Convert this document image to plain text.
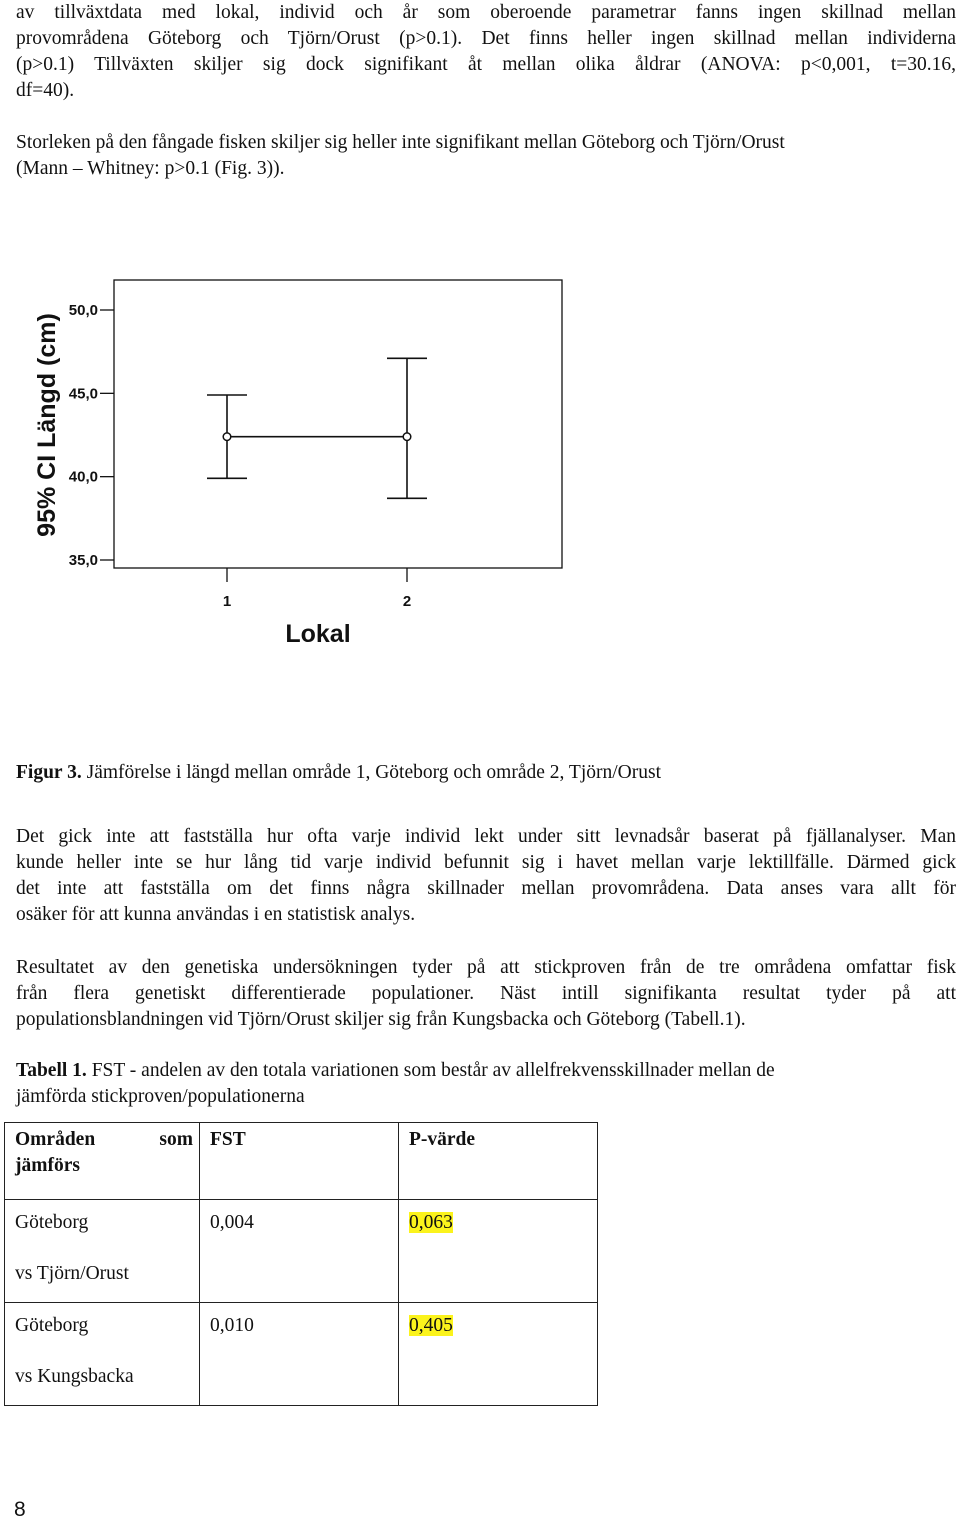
av tillväxtdata med lokal, individ och år som oberoende parametrar fanns ingen skillnad mellan
provområdena Göteborg och Tjörn/Orust (p>0.1). Det finns heller ingen skillnad mellan individerna
(p>0.1) Tillväxten skiljer sig dock signifikant åt mellan olika åldrar (ANOVA: p<0,001, t=30.16,
df=40).
Storleken på den fångade fisken skiljer sig heller inte signifikant mellan Göteborg och Tjörn/Orust
(Mann – Whitney: p>0.1 (Fig. 3)).
50,0
45,0
40,0
35,0
1	2
95% CI Längd (cm)
Lokal
Figur 3. Jämförelse i längd mellan område 1, Göteborg och område 2, Tjörn/Orust
Det gick inte att fastställa hur ofta varje individ lekt under sitt levnadsår baserat på fjällanalyser. Man
kunde heller inte se hur lång tid varje individ befunnit sig i havet mellan varje lektillfälle. Därmed gick
det inte att fastställa om det finns några skillnader mellan provområdena. Data anses vara allt för
osäker för att kunna användas i en statistisk analys.
Resultatet av den genetiska undersökningen tyder på att stickproven från de tre områdena omfattar fisk
från flera genetiskt differentierade populationer. Näst intill signifikanta resultat tyder på att
populationsblandningen vid Tjörn/Orust skiljer sig från Kungsbacka och Göteborg (Tabell.1).
Tabell 1. FST - andelen av den totala variationen som består av allelfrekvensskillnader mellan de
jämförda stickproven/populationerna
Områden som
jämförs	FST	P-värde

Göteborg
vs Tjörn/Orust	0,004	0,063

Göteborg
vs Kungsbacka	0,010	0,405
8
